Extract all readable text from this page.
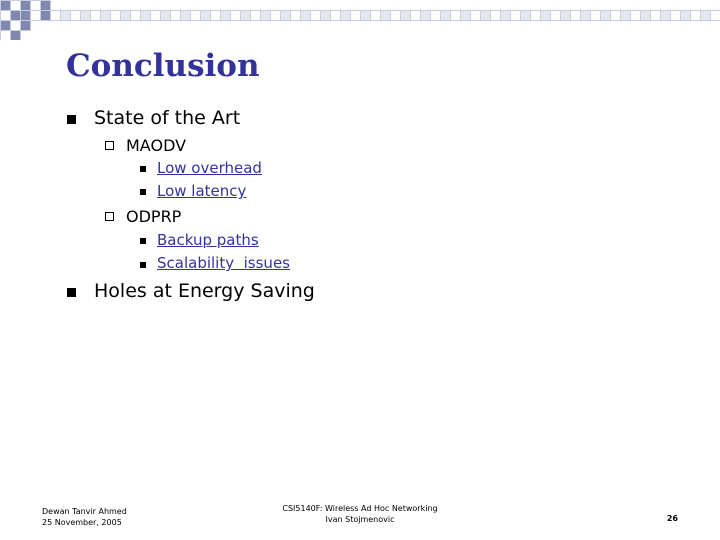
Conclusion
State of the Art
MAODV
Low overhead
Low latency
ODPRP
Backup paths
Scalability  issues
Holes at Energy Saving
Dewan Tanvir Ahmed
25 November, 2005
CSI5140F: Wireless Ad Hoc Networking
Ivan Stojmenovic	26
